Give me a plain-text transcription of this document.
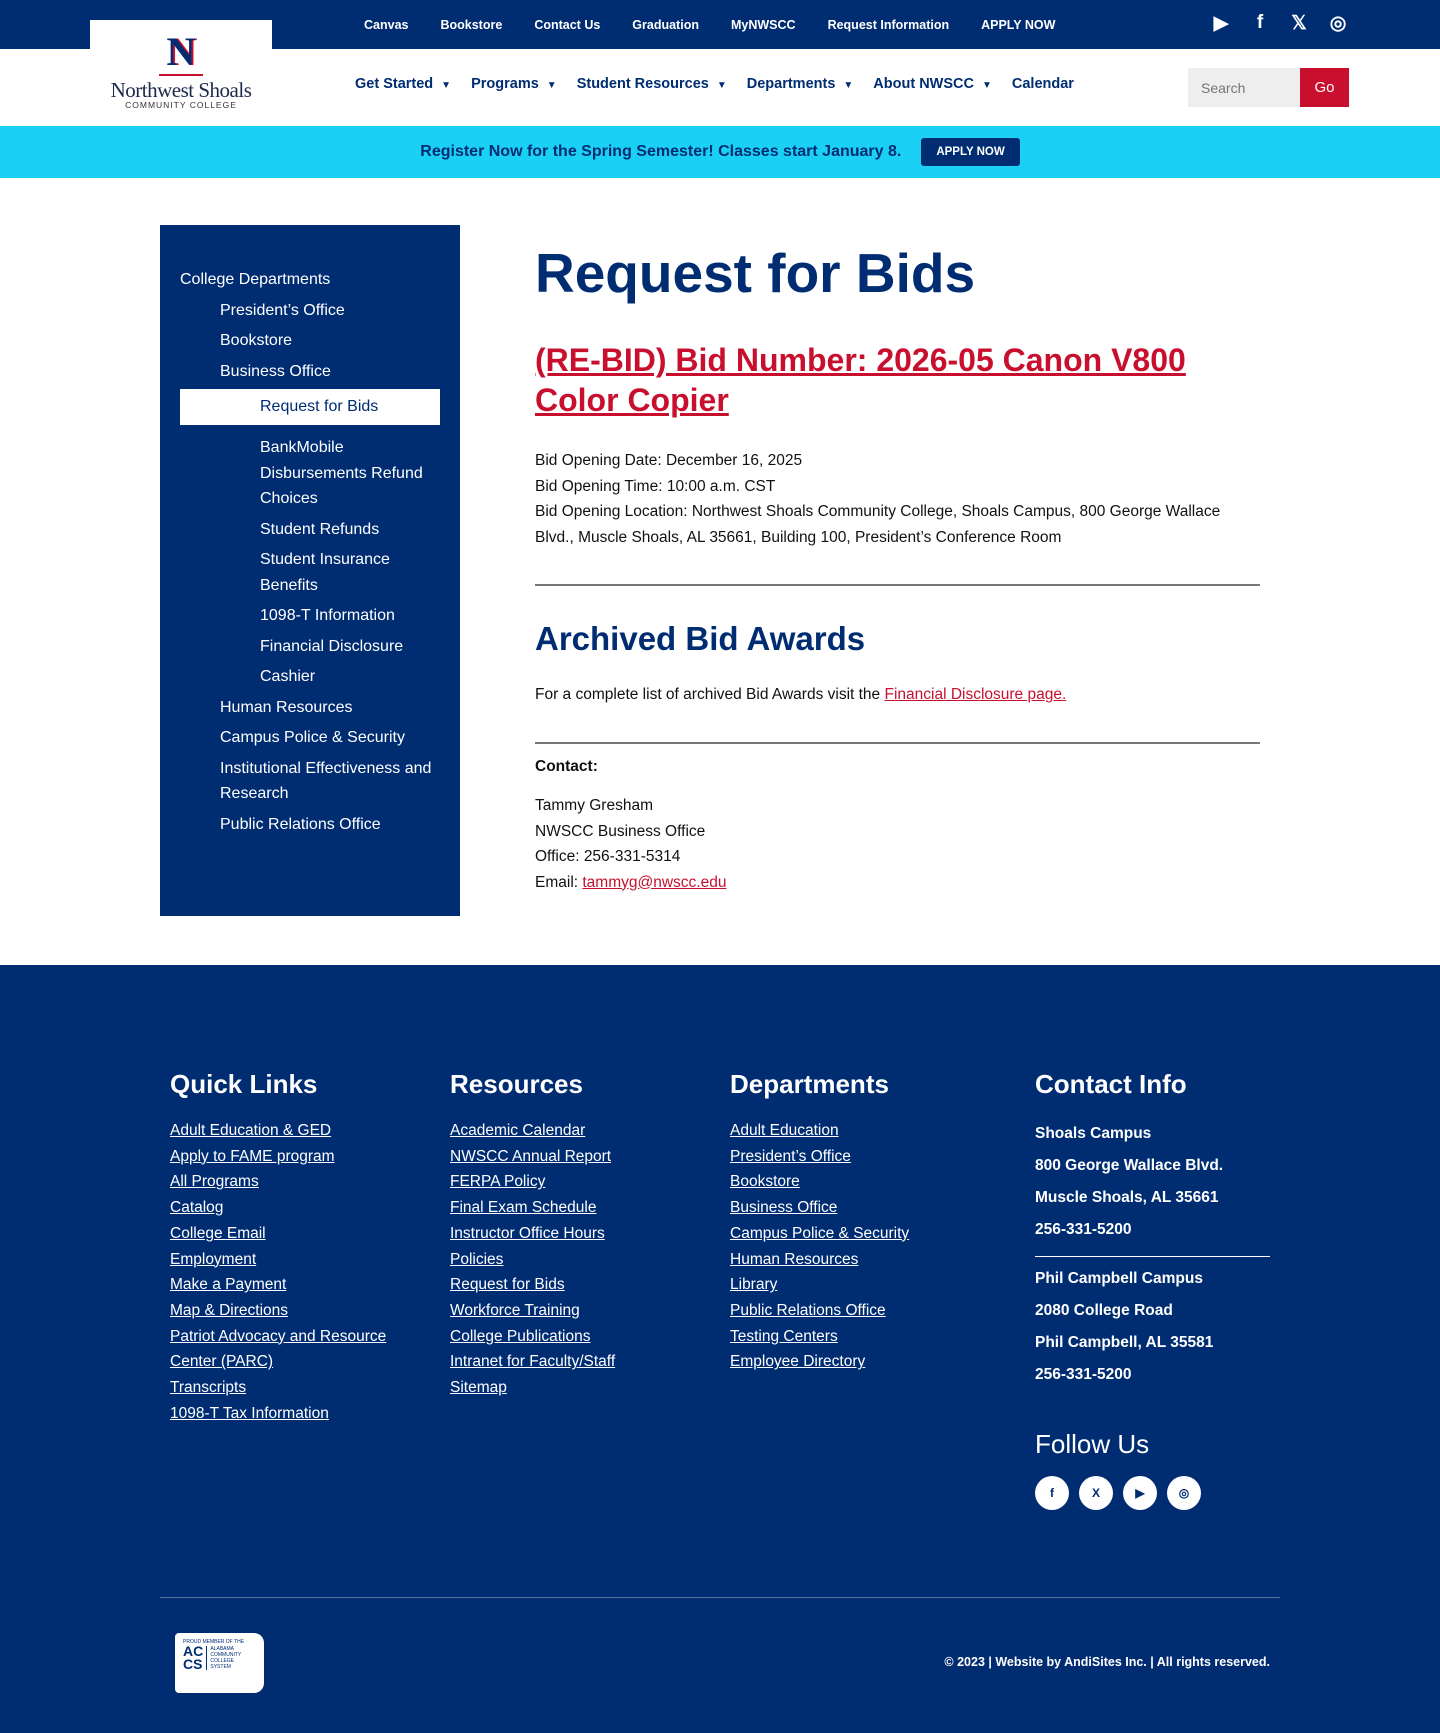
Canvas	Bookstore	Contact Us	Graduation	MyNWSCC	Request Information	APPLY NOW	▶	f	𝕏 ◎
N
Northwest Shoals
COMMUNITY COLLEGE
Get Started ▼ Programs ▼ Student Resources ▼ Departments ▼ About NWSCC ▼ Calendar
Search	Go
Register Now for the Spring Semester! Classes start January 8.	APPLY NOW
College Departments
President’s Office
Bookstore
Business Office
Request for Bids
BankMobile Disbursements Refund Choices
Student Refunds
Student Insurance Benefits
1098-T Information
Financial Disclosure
Cashier
Human Resources
Campus Police & Security
Institutional Effectiveness and Research
Public Relations Office
Request for Bids
(RE-BID) Bid Number: 2026-05 Canon V800 Color Copier
Bid Opening Date: December 16, 2025
Bid Opening Time: 10:00 a.m. CST
Bid Opening Location: Northwest Shoals Community College, Shoals Campus, 800 George Wallace Blvd., Muscle Shoals, AL 35661, Building 100, President’s Conference Room
Archived Bid Awards

For a complete list of archived Bid Awards visit the Financial Disclosure page.

Contact:

Tammy Gresham
NWSCC Business Office
Office: 256-331-5314
Email: tammyg@nwscc.edu
Quick Links
Adult Education & GED
Apply to FAME program
All Programs
Catalog
College Email
Employment
Make a Payment
Map & Directions
Patriot Advocacy and Resource Center (PARC)
Transcripts
1098-T Tax Information
Resources
Academic Calendar
NWSCC Annual Report
FERPA Policy
Final Exam Schedule
Instructor Office Hours
Policies
Request for Bids
Workforce Training
College Publications
Intranet for Faculty/Staff
Sitemap
Departments
Adult Education
President’s Office
Bookstore
Business Office
Campus Police & Security
Human Resources
Library
Public Relations Office
Testing Centers
Employee Directory
Contact Info
Shoals Campus
800 George Wallace Blvd.
Muscle Shoals, AL 35661
256-331-5200
Phil Campbell Campus
2080 College Road
Phil Campbell, AL 35581
256-331-5200
Follow Us
f	X	▶	◎
PROUD MEMBER OF THE
AC CS ALABAMA COMMUNITY COLLEGE SYSTEM	© 2023 | Website by AndiSites Inc. | All rights reserved.
